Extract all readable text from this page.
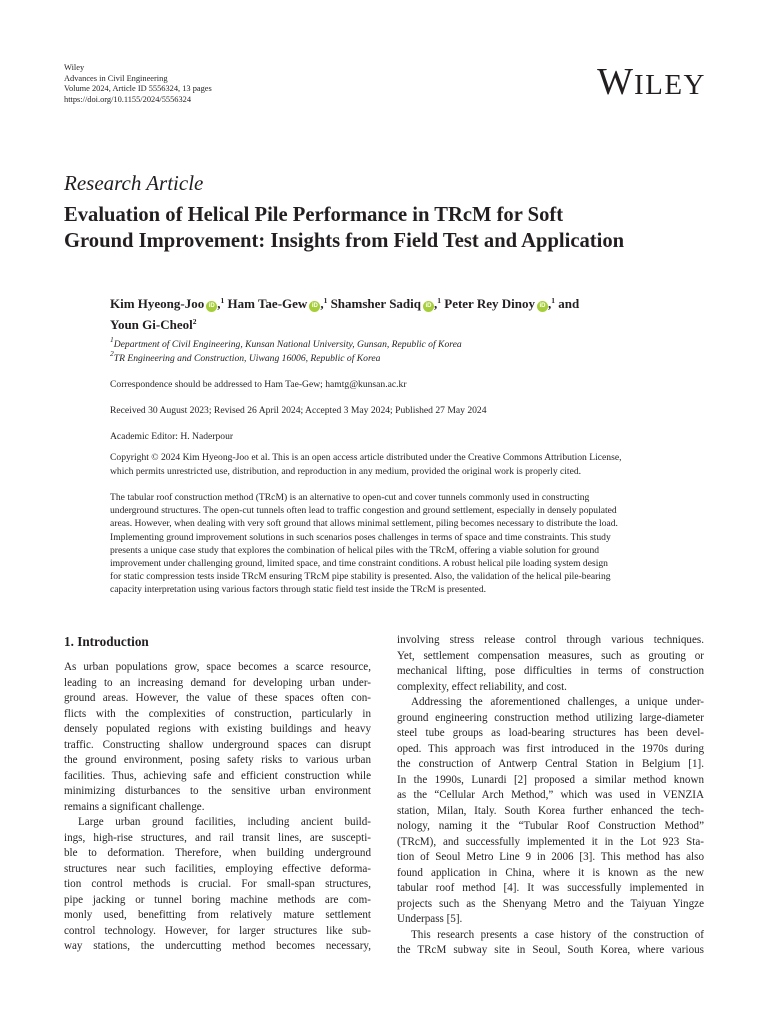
Wiley
Advances in Civil Engineering
Volume 2024, Article ID 5556324, 13 pages
https://doi.org/10.1155/2024/5556324	WILEY
Research Article
Evaluation of Helical Pile Performance in TRcM for Soft
Ground Improvement: Insights from Field Test and Application
Kim Hyeong-Joo iD ,$^1$ Ham Tae-Gew iD ,$^1$ Shamsher Sadiq iD ,$^1$ Peter Rey Dinoy iD ,$^1$ and
Youn Gi-Cheol$^2$
$^1$Department of Civil Engineering, Kunsan National University, Gunsan, Republic of Korea
$^2$TR Engineering and Construction, Uiwang 16006, Republic of Korea
Correspondence should be addressed to Ham Tae-Gew; hamtg@kunsan.ac.kr
Received 30 August 2023; Revised 26 April 2024; Accepted 3 May 2024; Published 27 May 2024
Academic Editor: H. Naderpour
Copyright © 2024 Kim Hyeong-Joo et al. This is an open access article distributed under the Creative Commons Attribution License,
which permits unrestricted use, distribution, and reproduction in any medium, provided the original work is properly cited.
The tabular roof construction method (TRcM) is an alternative to open-cut and cover tunnels commonly used in constructing
underground structures. The open-cut tunnels often lead to traffic congestion and ground settlement, especially in densely populated
areas. However, when dealing with very soft ground that allows minimal settlement, piling becomes necessary to distribute the load.
Implementing ground improvement solutions in such scenarios poses challenges in terms of space and time constraints. This study
presents a unique case study that explores the combination of helical piles with the TRcM, offering a viable solution for ground
improvement under challenging ground, limited space, and time constraint conditions. A robust helical pile loading system design
for static compression tests inside TRcM ensuring TRcM pipe stability is presented. Also, the validation of the helical pile-bearing
capacity interpretation using various factors through static field test inside the TRcM is presented.
1. Introduction
As urban populations grow, space becomes a scarce resource,
leading to an increasing demand for developing urban under-
ground areas. However, the value of these spaces often con-
flicts with the complexities of construction, particularly in
densely populated regions with existing buildings and heavy
traffic. Constructing shallow underground spaces can disrupt
the ground environment, posing safety risks to various urban
facilities. Thus, achieving safe and efficient construction while
minimizing disturbances to the sensitive urban environment
remains a significant challenge.
Large urban ground facilities, including ancient build-
ings, high-rise structures, and rail transit lines, are suscepti-
ble to deformation. Therefore, when building underground
structures near such facilities, employing effective deforma-
tion control methods is crucial. For small-span structures,
pipe jacking or tunnel boring machine methods are com-
monly used, benefitting from relatively mature settlement
control technology. However, for larger structures like sub-
way stations, the undercutting method becomes necessary,
involving stress release control through various techniques.
Yet, settlement compensation measures, such as grouting or
mechanical lifting, pose difficulties in terms of construction
complexity, effect reliability, and cost.
Addressing the aforementioned challenges, a unique under-
ground engineering construction method utilizing large-diameter
steel tube groups as load-bearing structures has been devel-
oped. This approach was first introduced in the 1970s during
the construction of Antwerp Central Station in Belgium [1].
In the 1990s, Lunardi [2] proposed a similar method known
as the “Cellular Arch Method,” which was used in VENZIA
station, Milan, Italy. South Korea further enhanced the tech-
nology, naming it the “Tubular Roof Construction Method”
(TRcM), and successfully implemented it in the Lot 923 Sta-
tion of Seoul Metro Line 9 in 2006 [3]. This method has also
found application in China, where it is known as the new
tabular roof method [4]. It was successfully implemented in
projects such as the Shenyang Metro and the Taiyuan Yingze
Underpass [5].
This research presents a case history of the construction of
the TRcM subway site in Seoul, South Korea, where various
